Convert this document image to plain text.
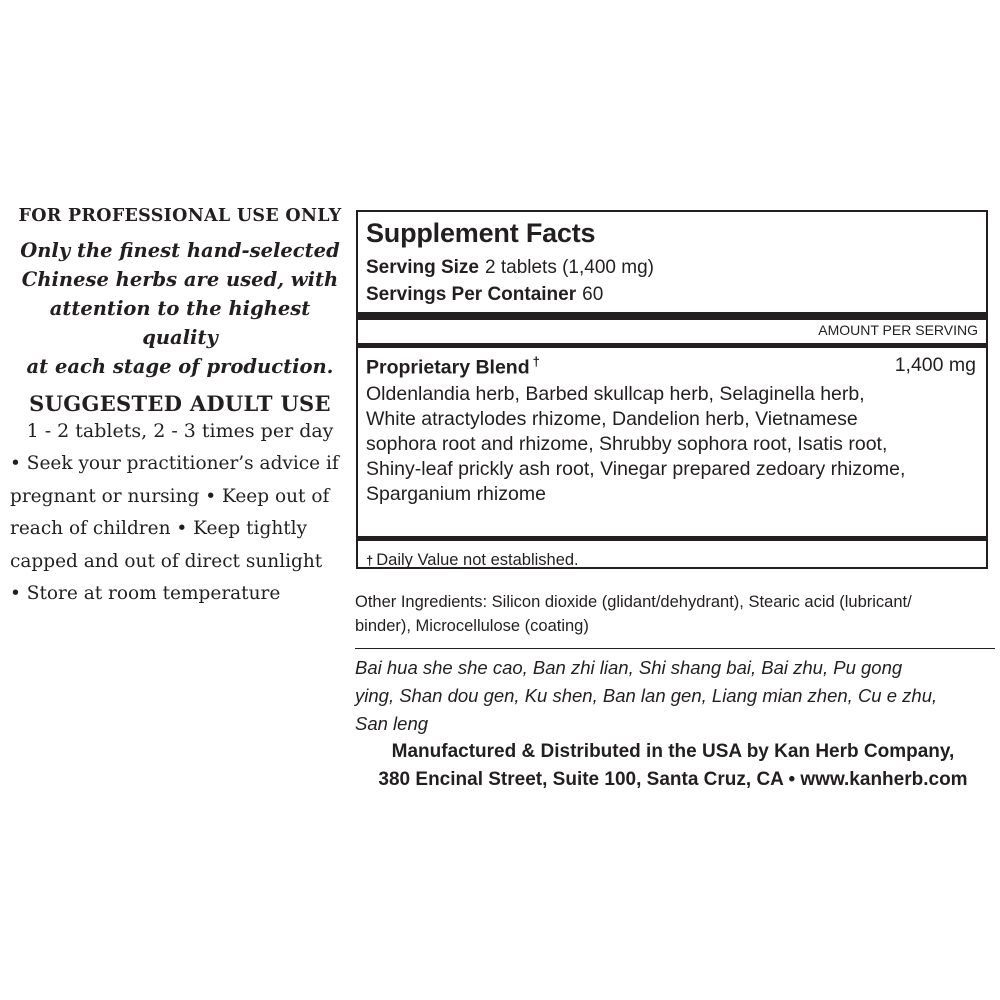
FOR PROFESSIONAL USE ONLY
Only the finest hand-selected
Chinese herbs are used, with
attention to the highest quality
at each stage of production.
SUGGESTED ADULT USE
1 - 2 tablets, 2 - 3 times per day
• Seek your practitioner’s advice if
pregnant or nursing • Keep out of
reach of children • Keep tightly
capped and out of direct sunlight
• Store at room temperature
Supplement Facts
Serving Size 2 tablets (1,400 mg)
Servings Per Container 60
AMOUNT PER SERVING
Proprietary Blend †	1,400 mg
Oldenlandia herb, Barbed skullcap herb, Selaginella herb,
White atractylodes rhizome, Dandelion herb, Vietnamese
sophora root and rhizome, Shrubby sophora root, Isatis root,
Shiny-leaf prickly ash root, Vinegar prepared zedoary rhizome,
Sparganium rhizome
† Daily Value not established.
Other Ingredients: Silicon dioxide (glidant/dehydrant), Stearic acid (lubricant/
binder), Microcellulose (coating)
Bai hua she she cao, Ban zhi lian, Shi shang bai, Bai zhu, Pu gong
ying, Shan dou gen, Ku shen, Ban lan gen, Liang mian zhen, Cu e zhu,
San leng
Manufactured & Distributed in the USA by Kan Herb Company,
380 Encinal Street, Suite 100, Santa Cruz, CA • www.kanherb.com
